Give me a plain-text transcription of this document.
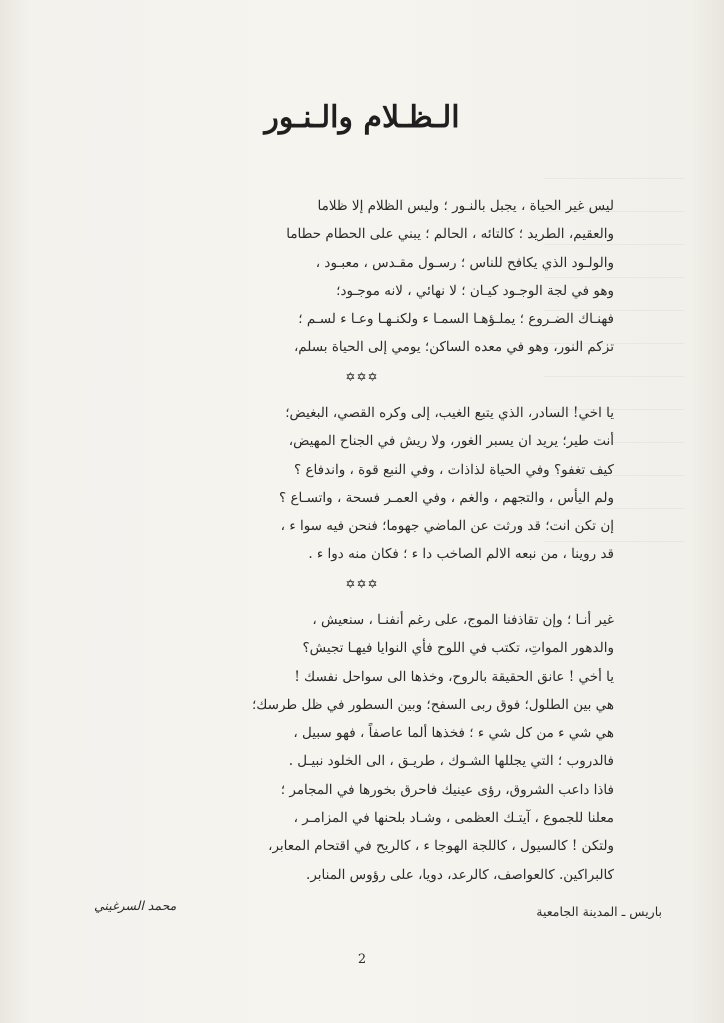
الـظـلام والـنـور
ليس غير الحياة ، يجبل بالنـور ؛ وليس الظلام إلا ظلاما
والعقيم، الطريد ؛ كالتائه ، الحالم ؛ يبني على الحطام حطاما
والولـود الذي يكافح للناس ؛ رسـول مقـدس ، معبـود ،
وهو في لجة الوجـود كيـان ؛ لا نهائي ، لانه موجـود؛
فهنـاك الضـروع ؛ يملـؤهـا السمـا ء ولكنـهـا وعـا ء لسـم ؛
تزكم النور، وهو في معده الساكن؛ يومي إلى الحياة بسلم،
✡✡✡
يا اخي! السادر، الذي يتبع الغيب، إلى وكره القصي، البغيض؛
أنت طير؛ يريد ان يسبر الغور، ولا ريش في الجناح المهيض،
كيف تغفو؟ وفي الحياة لذاذات ، وفي النبع قوة ، واندفاع ؟
ولم اليأس ، والتجهم ، والغم ، وفي العمـر فسحة ، واتسـاع ؟
إن تكن انت؛ قد ورثت عن الماضي جهوما؛ فنحن فيه سوا ء ،
قد روينا ، من نبعه الالم الصاخب دا ء ؛ فكان منه دوا ء .
✡✡✡
غير أنـا ؛ وإن تقاذفنا الموج، على رغم أنفنـا ، سنعيش ،
والدهور المواتِ، تكتب في اللوح فأي النوايا فيهـا تجيش؟
يا أخي ! عانق الحقيقة بالروح، وخذها الى سواحل نفسك !
هي بين الطلول؛ فوق ربى السفح؛ وبين السطور في ظل طرسك؛
هي شي ء من كل شي ء ؛ فخذها ألما عاصفاً ، فهو سبيل ،
فالدروب ؛ التي يجللها الشـوك ، طريـق ، الى الخلود نبيـل .
فاذا داعب الشروق، رؤى عينيك فاحرق بخورها في المجامر ؛
معلنا للجموع ، آيتـك العظمى ، وشـاد بلحنها في المزامـر ،
ولتكن ! كالسيول ، كاللجة الهوجا ء ، كالريح في اقتحام المعابر،
كالبراكين. كالعواصف، كالرعد، دويا، على رؤوس المنابر.
باريس ـ المدينة الجامعية
محمد السرغيني
2
